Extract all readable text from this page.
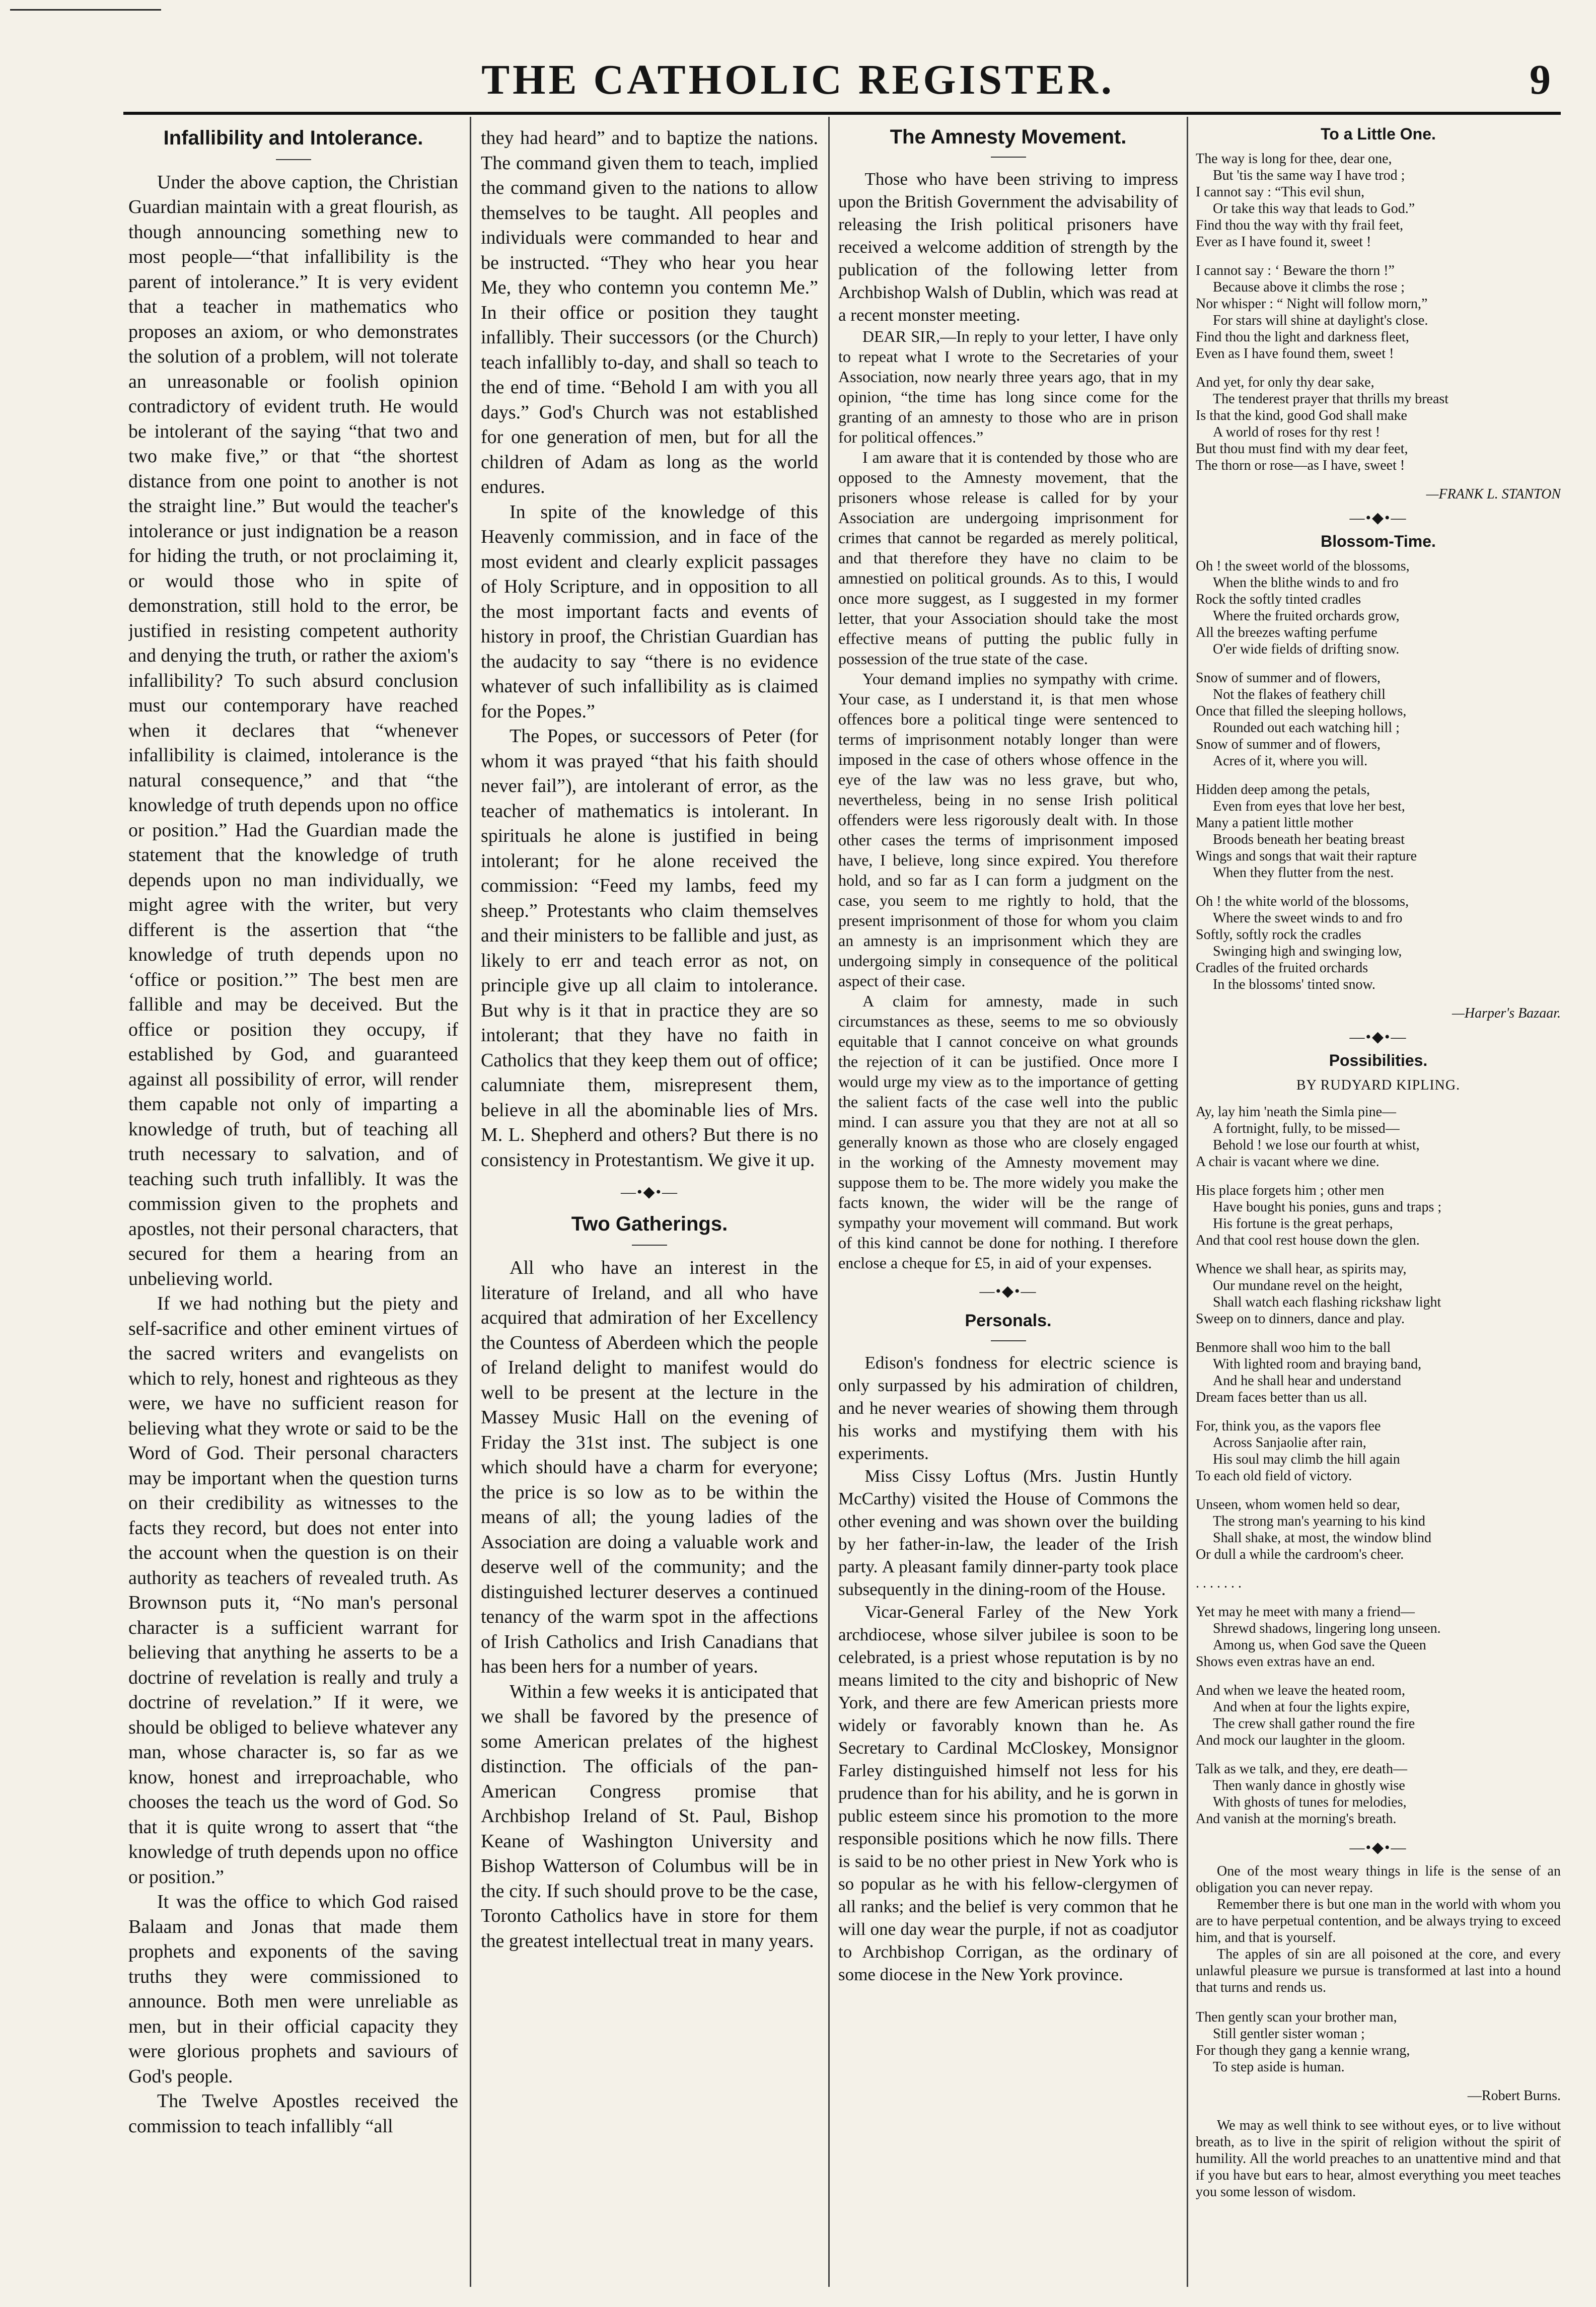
THE CATHOLIC REGISTER.	9
Infallibility and Intolerance.

Under the above caption, the Christian Guardian maintain with a great flourish, as though announcing something new to most people—“that infallibility is the parent of intolerance.” It is very evident that a teacher in mathematics who proposes an axiom, or who demonstrates the solution of a problem, will not tolerate an unreasonable or foolish opinion contradictory of evident truth. He would be intolerant of the saying “that two and two make five,” or that “the shortest distance from one point to another is not the straight line.” But would the teacher's intolerance or just indignation be a reason for hiding the truth, or not proclaiming it, or would those who in spite of demonstration, still hold to the error, be justified in resisting competent authority and denying the truth, or rather the axiom's infallibility? To such absurd conclusion must our contemporary have reached when it declares that “whenever infallibility is claimed, intolerance is the natural consequence,” and that “the knowledge of truth depends upon no office or position.” Had the Guardian made the statement that the knowledge of truth depends upon no man individually, we might agree with the writer, but very different is the assertion that “the knowledge of truth depends upon no ‘office or position.’” The best men are fallible and may be deceived. But the office or position they occupy, if established by God, and guaranteed against all possibility of error, will render them capable not only of imparting a knowledge of truth, but of teaching all truth necessary to salvation, and of teaching such truth infallibly. It was the commission given to the prophets and apostles, not their personal characters, that secured for them a hearing from an unbelieving world.

If we had nothing but the piety and self-sacrifice and other eminent virtues of the sacred writers and evangelists on which to rely, honest and righteous as they were, we have no sufficient reason for believing what they wrote or said to be the Word of God. Their personal characters may be important when the question turns on their credibility as witnesses to the facts they record, but does not enter into the account when the question is on their authority as teachers of revealed truth. As Brownson puts it, “No man's personal character is a sufficient warrant for believing that anything he asserts to be a doctrine of revelation is really and truly a doctrine of revelation.” If it were, we should be obliged to believe whatever any man, whose character is, so far as we know, honest and irreproachable, who chooses the teach us the word of God. So that it is quite wrong to assert that “the knowledge of truth depends upon no office or position.”

It was the office to which God raised Balaam and Jonas that made them prophets and exponents of the saving truths they were commissioned to announce. Both men were unreliable as men, but in their official capacity they were glorious prophets and saviours of God's people.

The Twelve Apostles received the commission to teach infallibly “all

they had heard” and to baptize the nations. The command given them to teach, implied the command given to the nations to allow themselves to be taught. All peoples and individuals were commanded to hear and be instructed. “They who hear you hear Me, they who contemn you contemn Me.” In their office or position they taught infallibly. Their successors (or the Church) teach infallibly to-day, and shall so teach to the end of time. “Behold I am with you all days.” God's Church was not established for one generation of men, but for all the children of Adam as long as the world endures.

In spite of the knowledge of this Heavenly commission, and in face of the most evident and clearly explicit passages of Holy Scripture, and in opposition to all the most important facts and events of history in proof, the Christian Guardian has the audacity to say “there is no evidence whatever of such infallibility as is claimed for the Popes.”

The Popes, or successors of Peter (for whom it was prayed “that his faith should never fail”), are intolerant of error, as the teacher of mathematics is intolerant. In spirituals he alone is justified in being intolerant; for he alone received the commission: “Feed my lambs, feed my sheep.” Protestants who claim themselves and their ministers to be fallible and just, as likely to err and teach error as not, on principle give up all claim to intolerance. But why is it that in practice they are so intolerant; that they have no faith in Catholics that they keep them out of office; calumniate them, misrepresent them, believe in all the abominable lies of Mrs. M. L. Shepherd and others? But there is no consistency in Protestantism. We give it up.

—•◆•—
Two Gatherings.

All who have an interest in the literature of Ireland, and all who have acquired that admiration of her Excellency the Countess of Aberdeen which the people of Ireland delight to manifest would do well to be present at the lecture in the Massey Music Hall on the evening of Friday the 31st inst. The subject is one which should have a charm for everyone; the price is so low as to be within the means of all; the young ladies of the Association are doing a valuable work and deserve well of the community; and the distinguished lecturer deserves a continued tenancy of the warm spot in the affections of Irish Catholics and Irish Canadians that has been hers for a number of years.

Within a few weeks it is anticipated that we shall be favored by the presence of some American prelates of the highest distinction. The officials of the pan-American Congress promise that Archbishop Ireland of St. Paul, Bishop Keane of Washington University and Bishop Watterson of Columbus will be in the city. If such should prove to be the case, Toronto Catholics have in store for them the greatest intellectual treat in many years.

The Amnesty Movement.

Those who have been striving to impress upon the British Government the advisability of releasing the Irish political prisoners have received a welcome addition of strength by the publication of the following letter from Archbishop Walsh of Dublin, which was read at a recent monster meeting.

DEAR SIR,—In reply to your letter, I have only to repeat what I wrote to the Secretaries of your Association, now nearly three years ago, that in my opinion, “the time has long since come for the granting of an amnesty to those who are in prison for political offences.”

I am aware that it is contended by those who are opposed to the Amnesty movement, that the prisoners whose release is called for by your Association are undergoing imprisonment for crimes that cannot be regarded as merely political, and that therefore they have no claim to be amnestied on political grounds. As to this, I would once more suggest, as I suggested in my former letter, that your Association should take the most effective means of putting the public fully in possession of the true state of the case.

Your demand implies no sympathy with crime. Your case, as I understand it, is that men whose offences bore a political tinge were sentenced to terms of imprisonment notably longer than were imposed in the case of others whose offence in the eye of the law was no less grave, but who, nevertheless, being in no sense Irish political offenders were less rigorously dealt with. In those other cases the terms of imprisonment imposed have, I believe, long since expired. You therefore hold, and so far as I can form a judgment on the case, you seem to me rightly to hold, that the present imprisonment of those for whom you claim an amnesty is an imprisonment which they are undergoing simply in consequence of the political aspect of their case.

A claim for amnesty, made in such circumstances as these, seems to me so obviously equitable that I cannot conceive on what grounds the rejection of it can be justified. Once more I would urge my view as to the importance of getting the salient facts of the case well into the public mind. I can assure you that they are not at all so generally known as those who are closely engaged in the working of the Amnesty movement may suppose them to be. The more widely you make the facts known, the wider will be the range of sympathy your movement will command. But work of this kind cannot be done for nothing. I therefore enclose a cheque for £5, in aid of your expenses.

—•◆•—
Personals.

Edison's fondness for electric science is only surpassed by his admiration of children, and he never wearies of showing them through his works and mystifying them with his experiments.

Miss Cissy Loftus (Mrs. Justin Huntly McCarthy) visited the House of Commons the other evening and was shown over the building by her father-in-law, the leader of the Irish party. A pleasant family dinner-party took place subsequently in the dining-room of the House.

Vicar-General Farley of the New York archdiocese, whose silver jubilee is soon to be celebrated, is a priest whose reputation is by no means limited to the city and bishopric of New York, and there are few American priests more widely or favorably known than he. As Secretary to Cardinal McCloskey, Monsignor Farley distinguished himself not less for his prudence than for his ability, and he is gorwn in public esteem since his promotion to the more responsible positions which he now fills. There is said to be no other priest in New York who is so popular as he with his fellow-clergymen of all ranks; and the belief is very common that he will one day wear the purple, if not as coadjutor to Archbishop Corrigan, as the ordinary of some diocese in the New York province.

To a Little One.
The way is long for thee, dear one,
But 'tis the same way I have trod ;
I cannot say : “This evil shun,
Or take this way that leads to God.”
Find thou the way with thy frail feet,
Ever as I have found it, sweet !
I cannot say : ‘ Beware the thorn !”
Because above it climbs the rose ;
Nor whisper : “ Night will follow morn,”
For stars will shine at daylight's close.
Find thou the light and darkness fleet,
Even as I have found them, sweet !
And yet, for only thy dear sake,
The tenderest prayer that thrills my breast
Is that the kind, good God shall make
A world of roses for thy rest !
But thou must find with my dear feet,
The thorn or rose—as I have, sweet !
—FRANK L. STANTON
—•◆•—
Blossom-Time.
Oh ! the sweet world of the blossoms,
When the blithe winds to and fro
Rock the softly tinted cradles
Where the fruited orchards grow,
All the breezes wafting perfume
O'er wide fields of drifting snow.
Snow of summer and of flowers,
Not the flakes of feathery chill
Once that filled the sleeping hollows,
Rounded out each watching hill ;
Snow of summer and of flowers,
Acres of it, where you will.
Hidden deep among the petals,
Even from eyes that love her best,
Many a patient little mother
Broods beneath her beating breast
Wings and songs that wait their rapture
When they flutter from the nest.
Oh ! the white world of the blossoms,
Where the sweet winds to and fro
Softly, softly rock the cradles
Swinging high and swinging low,
Cradles of the fruited orchards
In the blossoms' tinted snow.
—Harper's Bazaar.
—•◆•—
Possibilities.
BY RUDYARD KIPLING.
Ay, lay him 'neath the Simla pine—
A fortnight, fully, to be missed—
Behold ! we lose our fourth at whist,
A chair is vacant where we dine.
His place forgets him ; other men
Have bought his ponies, guns and traps ;
His fortune is the great perhaps,
And that cool rest house down the glen.
Whence we shall hear, as spirits may,
Our mundane revel on the height,
Shall watch each flashing rickshaw light
Sweep on to dinners, dance and play.
Benmore shall woo him to the ball
With lighted room and braying band,
And he shall hear and understand
Dream faces better than us all.
For, think you, as the vapors flee
Across Sanjaolie after rain,
His soul may climb the hill again
To each old field of victory.
Unseen, whom women held so dear,
The strong man's yearning to his kind
Shall shake, at most, the window blind
Or dull a while the cardroom's cheer.
. . . . . . .
Yet may he meet with many a friend—
Shrewd shadows, lingering long unseen.
Among us, when God save the Queen
Shows even extras have an end.
And when we leave the heated room,
And when at four the lights expire,
The crew shall gather round the fire
And mock our laughter in the gloom.
Talk as we talk, and they, ere death—
Then wanly dance in ghostly wise
With ghosts of tunes for melodies,
And vanish at the morning's breath.
—•◆•—

One of the most weary things in life is the sense of an obligation you can never repay.

Remember there is but one man in the world with whom you are to have perpetual contention, and be always trying to exceed him, and that is yourself.

The apples of sin are all poisoned at the core, and every unlawful pleasure we pursue is transformed at last into a hound that turns and rends us.

Then gently scan your brother man,
Still gentler sister woman ;
For though they gang a kennie wrang,
To step aside is human.
—Robert Burns.

We may as well think to see without eyes, or to live without breath, as to live in the spirit of religion without the spirit of humility. All the world preaches to an unattentive mind and that if you have but ears to hear, almost everything you meet teaches you some lesson of wisdom.
